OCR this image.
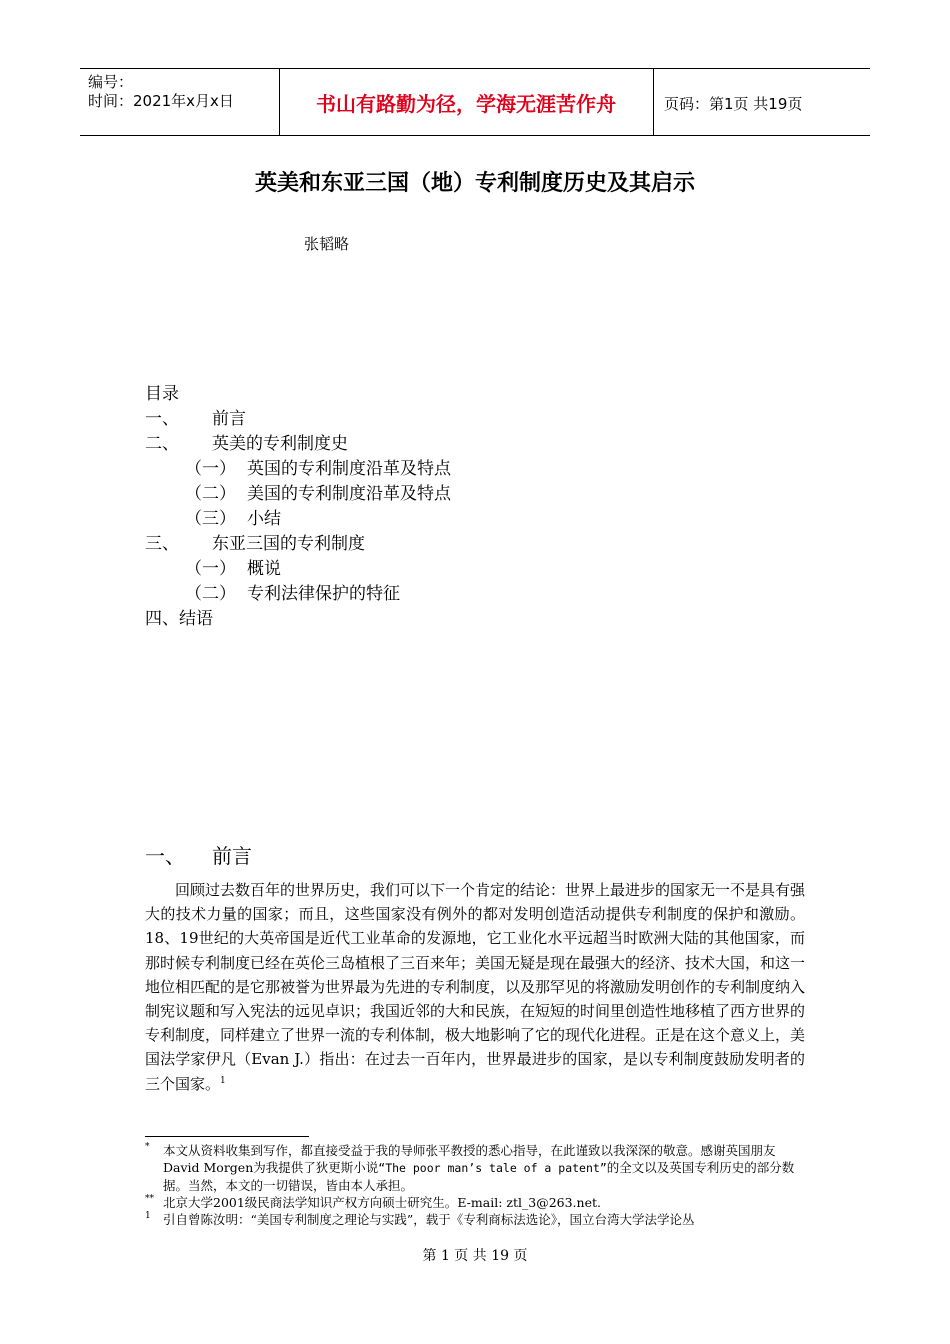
编号：
时间：2021年x月x日	书山有路勤为径，学海无涯苦作舟	页码：第1页 共19页
英美和东亚三国（地）专利制度历史及其启示
张韬略
目录
一、 前言
二、 英美的专利制度史
（一） 英国的专利制度沿革及特点
（二） 美国的专利制度沿革及特点
（三） 小结
三、 东亚三国的专利制度
（一） 概说
（二） 专利法律保护的特征
四、结语
一、 前言

回顾过去数百年的世界历史，我们可以下一个肯定的结论：世界上最进步的国家无一不是具有强大的技术力量的国家；而且，这些国家没有例外的都对发明创造活动提供专利制度的保护和激励。18、19世纪的大英帝国是近代工业革命的发源地，它工业化水平远超当时欧洲大陆的其他国家，而那时候专利制度已经在英伦三岛植根了三百来年；美国无疑是现在最强大的经济、技术大国，和这一地位相匹配的是它那被誉为世界最为先进的专利制度，以及那罕见的将激励发明创作的专利制度纳入制宪议题和写入宪法的远见卓识；我国近邻的大和民族，在短短的时间里创造性地移植了西方世界的专利制度，同样建立了世界一流的专利体制，极大地影响了它的现代化进程。正是在这个意义上，美国法学家伊凡（Evan J.）指出：在过去一百年内，世界最进步的国家，是以专利制度鼓励发明者的三个国家。$^1$

* 本文从资料收集到写作，都直接受益于我的导师张平教授的悉心指导，在此谨致以我深深的敬意。感谢英国朋友David Morgen为我提供了狄更斯小说“The poor man’s tale of a patent”的全文以及英国专利历史的部分数据。当然，本文的一切错误，皆由本人承担。
** 北京大学2001级民商法学知识产权方向硕士研究生。E-mail: ztl_3@263.net.
1 引自曾陈汝明：“美国专利制度之理论与实践”，载于《专利商标法选论》，国立台湾大学法学论丛
第 1 页 共 19 页
